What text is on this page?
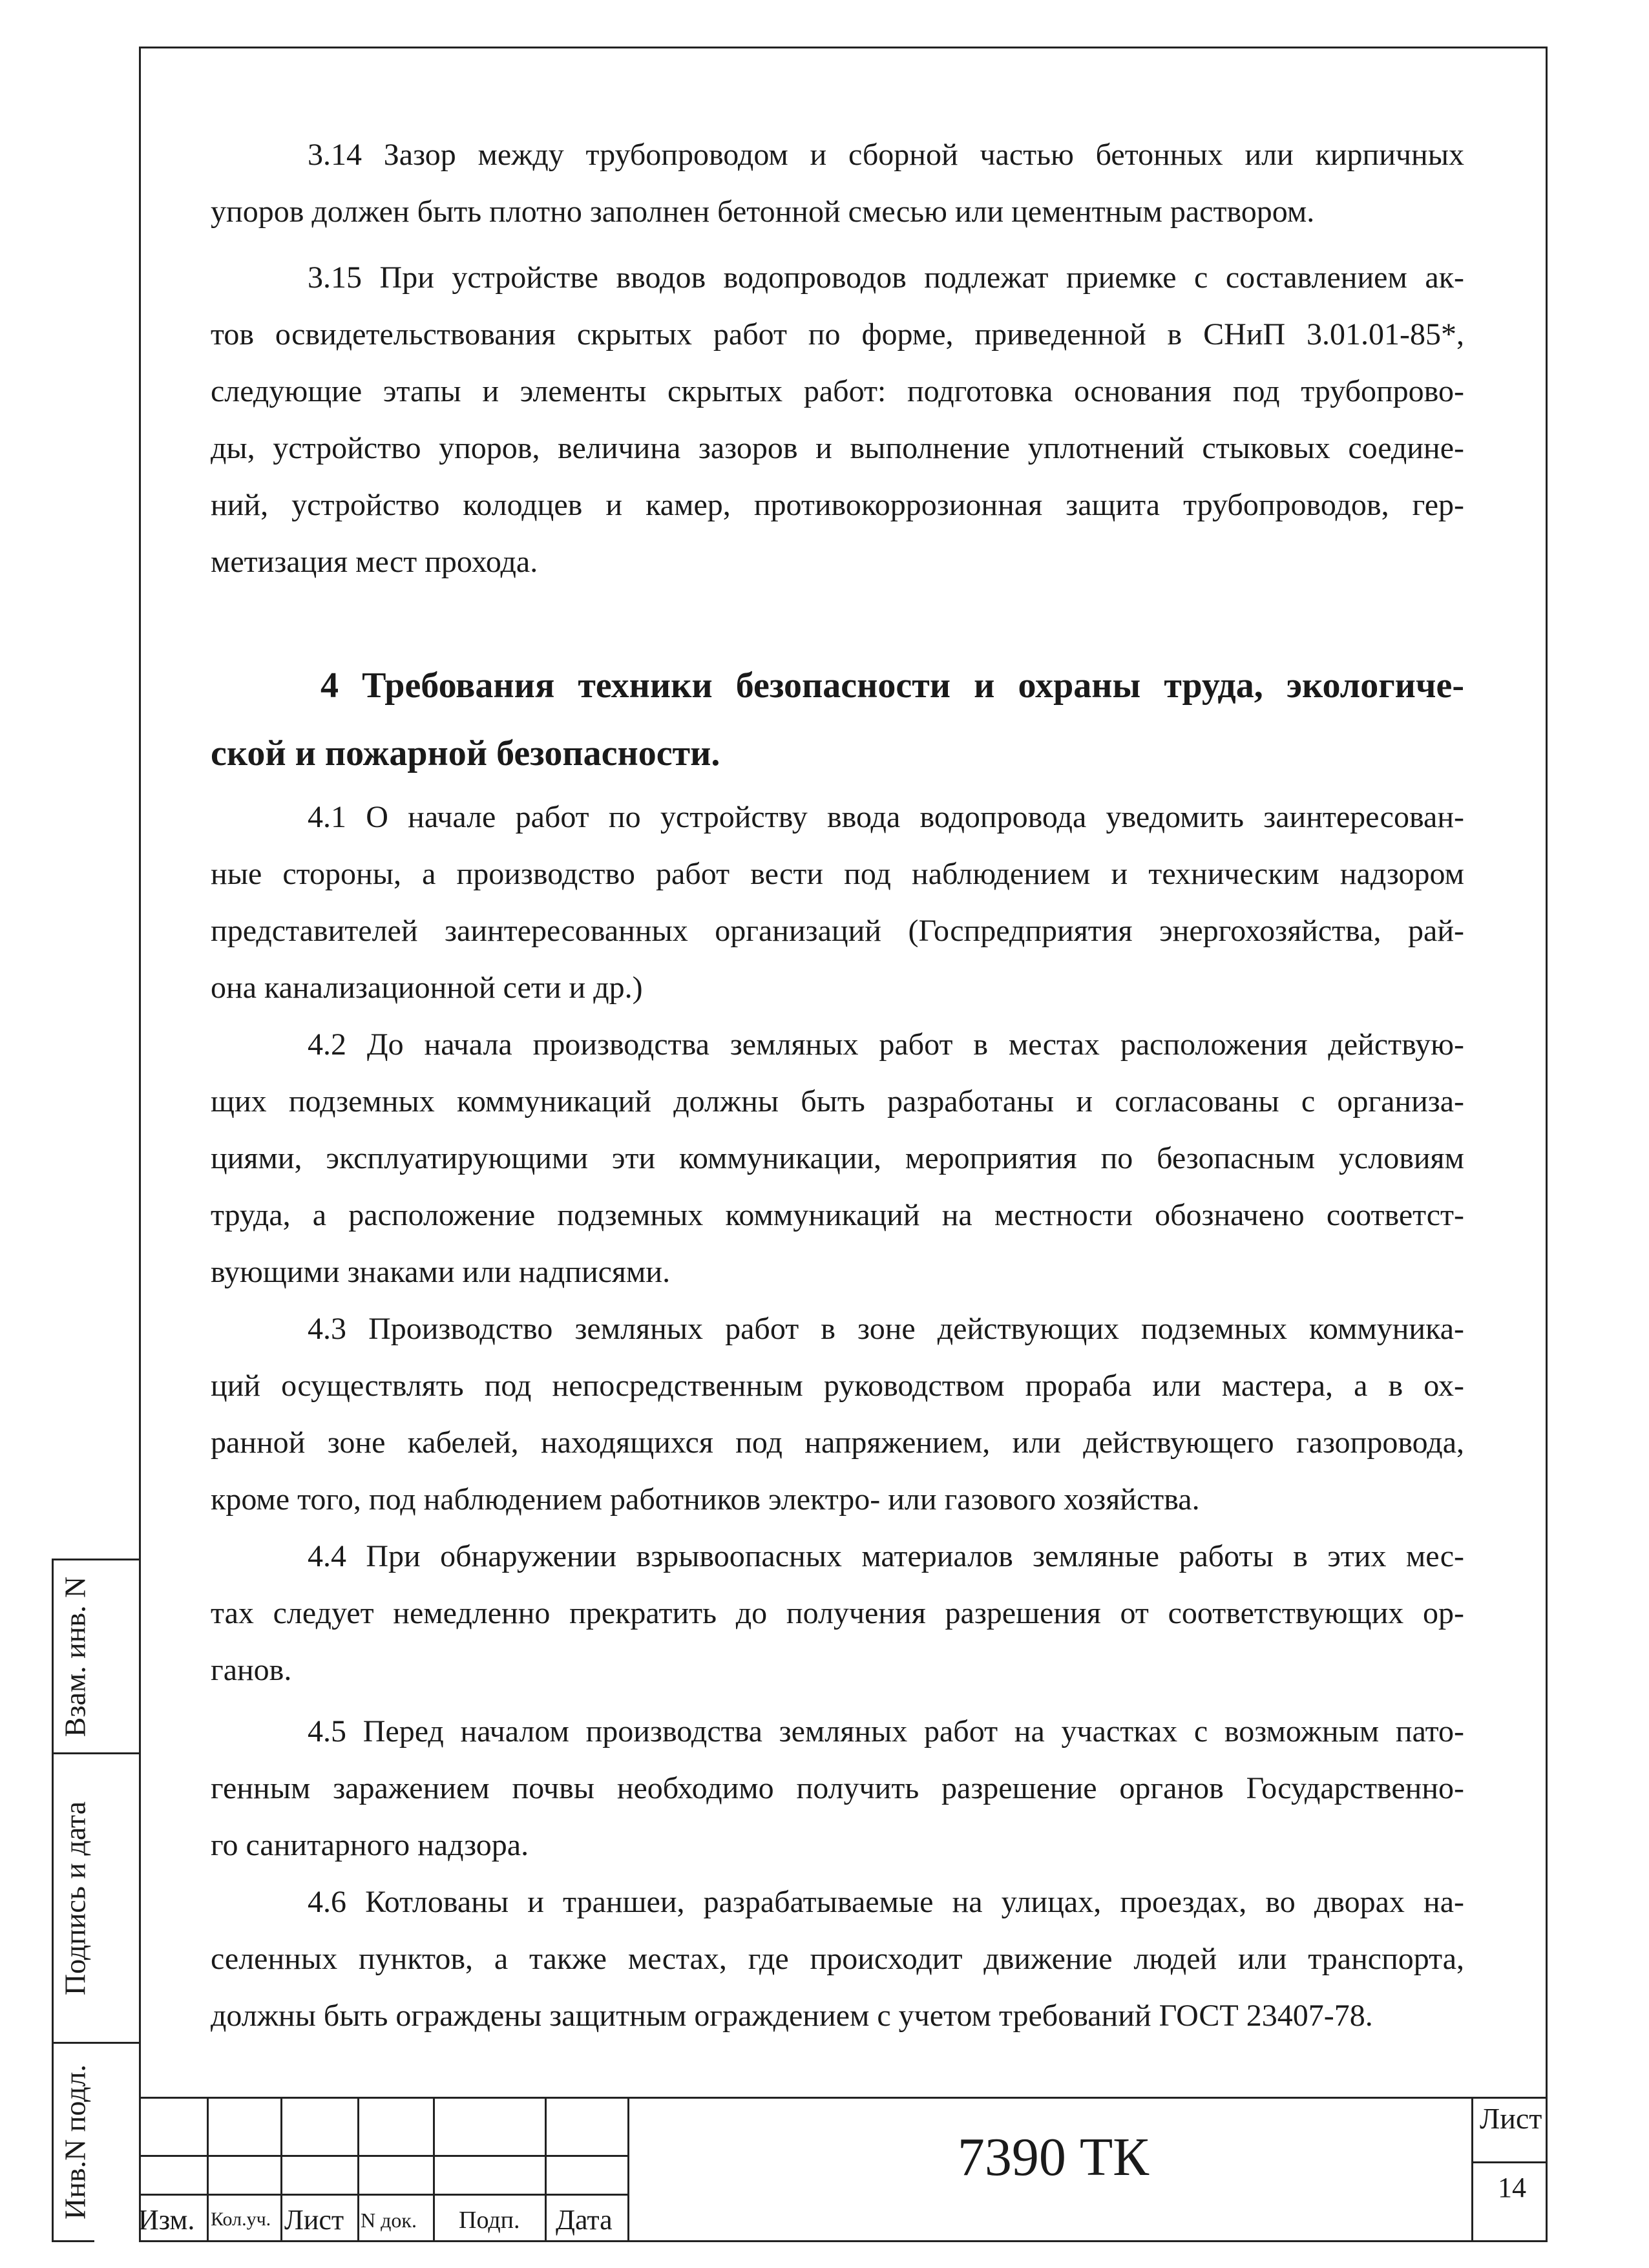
3.14 Зазор между трубопроводом и сборной частью бетонных или кирпичных
упоров должен быть плотно заполнен бетонной смесью или цементным раствором.
3.15 При устройстве вводов водопроводов подлежат приемке с составлением ак-
тов освидетельствования скрытых работ по форме, приведенной в СНиП 3.01.01-85*,
следующие этапы и элементы скрытых работ: подготовка основания под трубопрово-
ды, устройство упоров, величина зазоров и выполнение уплотнений стыковых соедине-
ний, устройство колодцев и камер, противокоррозионная защита трубопроводов, гер-
метизация мест прохода.
4 Требования техники безопасности и охраны труда, экологиче-
ской и пожарной безопасности.
4.1 О начале работ по устройству ввода водопровода уведомить заинтересован-
ные стороны, а производство работ вести под наблюдением и техническим надзором
представителей заинтересованных организаций (Госпредприятия энергохозяйства, рай-
она канализационной сети и др.)
4.2 До начала производства земляных работ в местах расположения действую-
щих подземных коммуникаций должны быть разработаны и согласованы с организа-
циями, эксплуатирующими эти коммуникации, мероприятия по безопасным условиям
труда, а расположение подземных коммуникаций на местности обозначено соответст-
вующими знаками или надписями.
4.3 Производство земляных работ в зоне действующих подземных коммуника-
ций осуществлять под непосредственным руководством прораба или мастера, а в ох-
ранной зоне кабелей, находящихся под напряжением, или действующего газопровода,
кроме того, под наблюдением работников электро- или газового хозяйства.
4.4 При обнаружении взрывоопасных материалов земляные работы в этих мес-
тах следует немедленно прекратить до получения разрешения от соответствующих ор-
ганов.
4.5 Перед началом производства земляных работ на участках с возможным пато-
генным заражением почвы необходимо получить разрешение органов Государственно-
го санитарного надзора.
4.6 Котлованы и траншеи, разрабатываемые на улицах, проездах, во дворах на-
селенных пунктов, а также местах, где происходит движение людей или транспорта,
должны быть ограждены защитным ограждением с учетом требований ГОСТ 23407-78.
Взам. инв. N
Подпись и дата
Инв.N подл.
Изм. Кол.уч. Лист N док. Подп. Дата
7390 ТК
Лист
14
